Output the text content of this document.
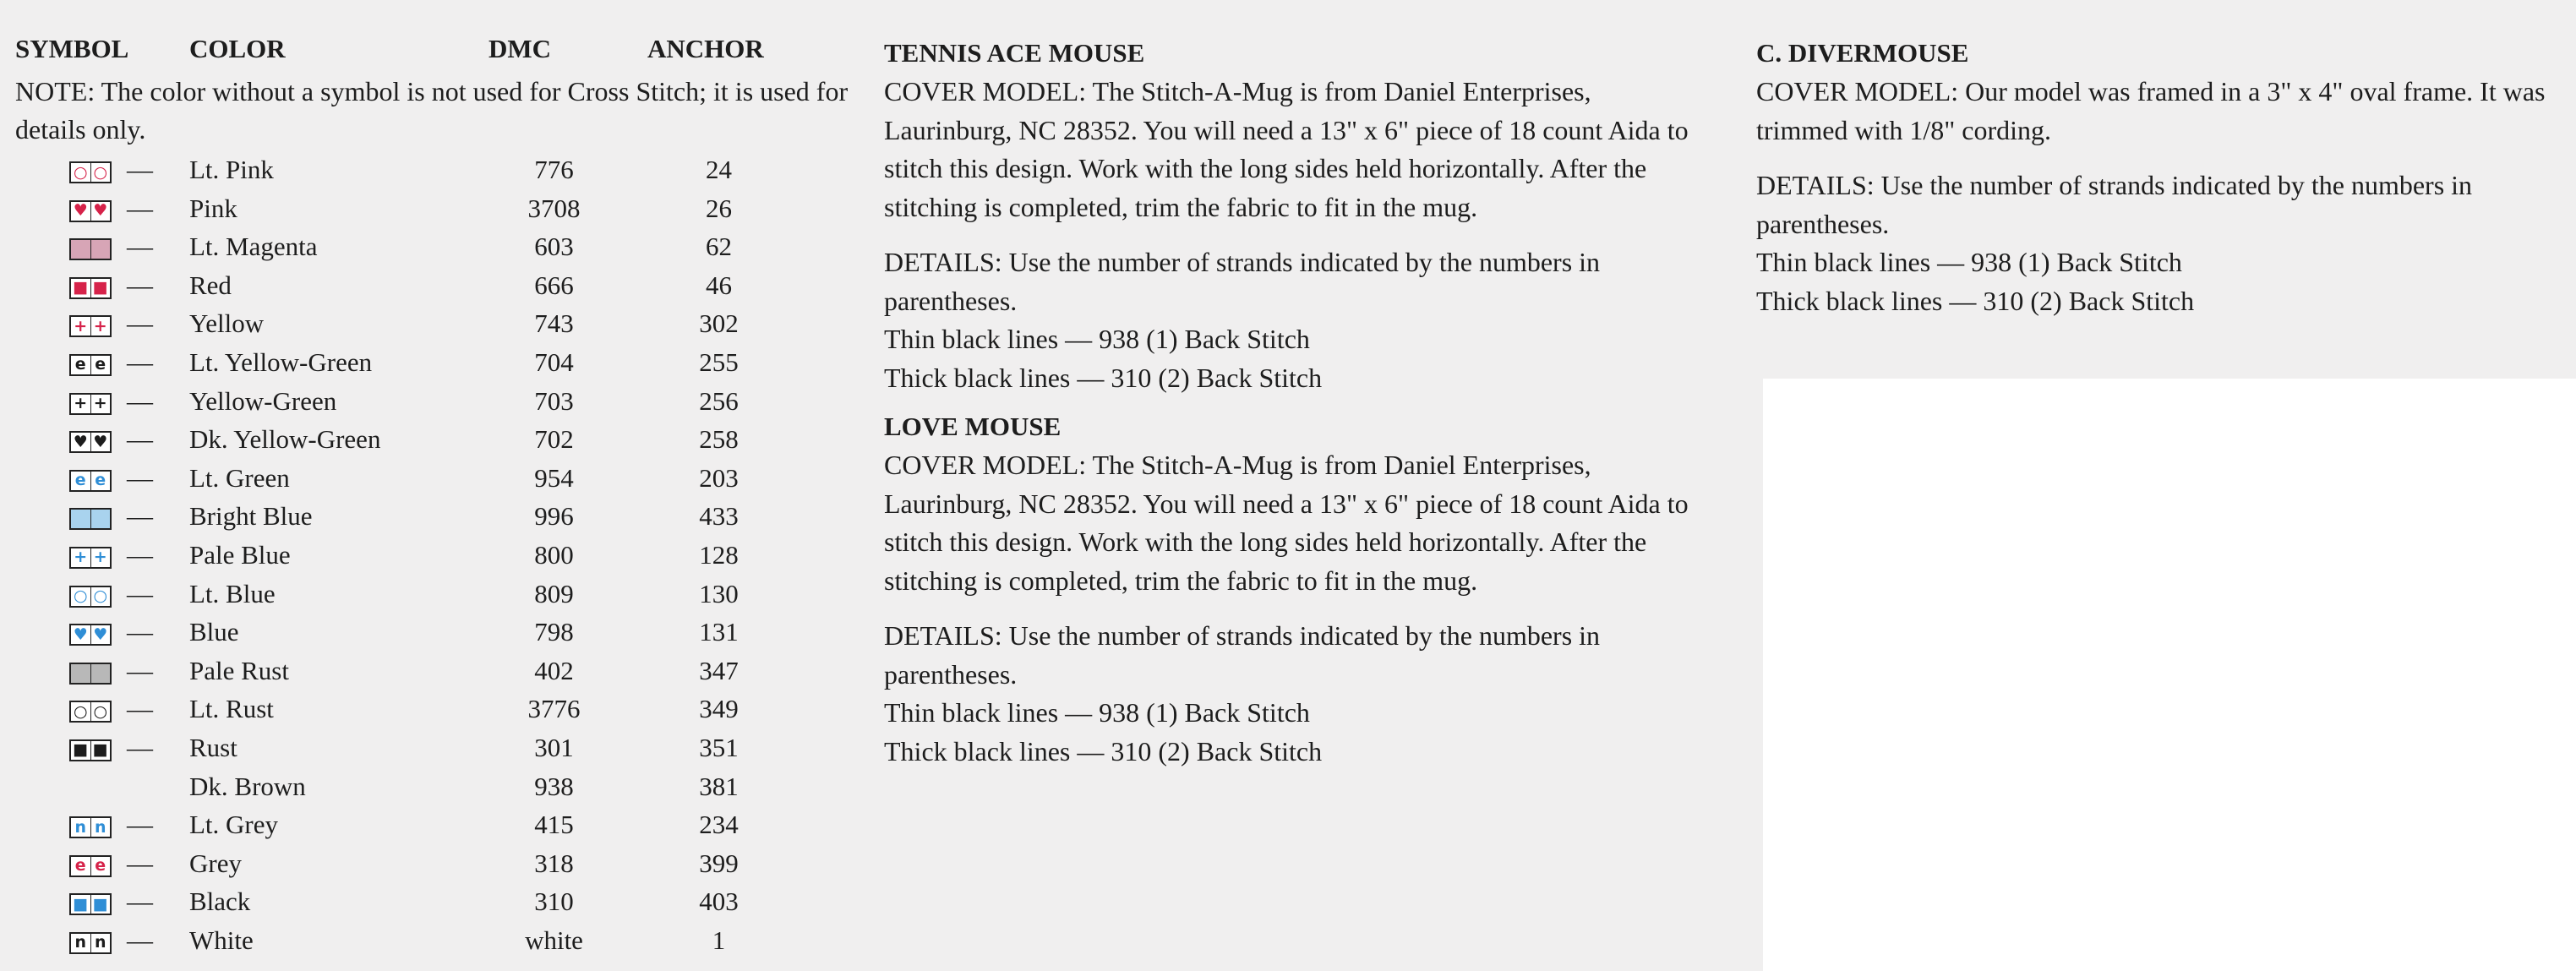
SYMBOL COLOR	DMC	ANCHOR
NOTE: The color without a symbol is not used for Cross Stitch; it is used for details only.
○ ○ — Lt. Pink	776	24
♥ ♥ — Pink	3708	26
— Lt. Magenta	603	62
■ ■ — Red	666	46
+ + — Yellow	743	302
e e — Lt. Yellow-Green	704	255
+ + — Yellow-Green	703	256
♥ ♥ — Dk. Yellow-Green	702	258
e e — Lt. Green	954	203
— Bright Blue	996	433
+ + — Pale Blue	800	128
○ ○ — Lt. Blue	809	130
♥ ♥ — Blue	798	131
— Pale Rust	402	347
○ ○ — Lt. Rust	3776	349
■ ■ — Rust	301	351
Dk. Brown	938	381
n n — Lt. Grey	415	234
e e — Grey	318	399
■ ■ — Black	310	403
n n — White	white	1
TENNIS ACE MOUSE

COVER MODEL: The Stitch-A-Mug is from Daniel Enterprises, Laurinburg, NC 28352. You will need a 13" x 6" piece of 18 count Aida to stitch this design. Work with the long sides held horizontally. After the stitching is completed, trim the fabric to fit in the mug.

DETAILS: Use the number of strands indicated by the numbers in parentheses.

Thin black lines — 938 (1) Back Stitch

Thick black lines — 310 (2) Back Stitch

LOVE MOUSE

COVER MODEL: The Stitch-A-Mug is from Daniel Enterprises, Laurinburg, NC 28352. You will need a 13" x 6" piece of 18 count Aida to stitch this design. Work with the long sides held horizontally. After the stitching is completed, trim the fabric to fit in the mug.

DETAILS: Use the number of strands indicated by the numbers in parentheses.

Thin black lines — 938 (1) Back Stitch

Thick black lines — 310 (2) Back Stitch

C. DIVERMOUSE

COVER MODEL: Our model was framed in a 3" x 4" oval frame. It was trimmed with 1/8" cording.

DETAILS: Use the number of strands indicated by the numbers in parentheses.

Thin black lines — 938 (1) Back Stitch

Thick black lines — 310 (2) Back Stitch
